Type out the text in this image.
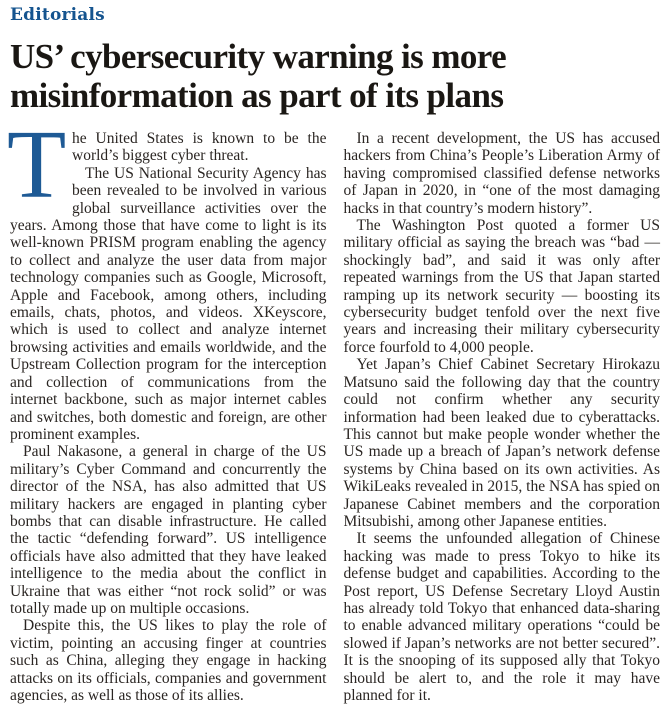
Editorials
US’ cybersecurity warning is more
misinformation as part of its plans
T he United States is known to be the world’s biggest cyber threat.

The US National Security Agency has been revealed to be involved in various global surveillance activities over the years. Among those that have come to light is its well-known PRISM program enabling the agency to collect and analyze the user data from major technology companies such as Google, Microsoft, Apple and Facebook, among others, including emails, chats, photos, and videos. XKeyscore, which is used to collect and analyze internet browsing activities and emails worldwide, and the Upstream Collection program for the interception and collection of communications from the internet backbone, such as major internet cables and switches, both domestic and foreign, are other prominent examples.

Paul Nakasone, a general in charge of the US military’s Cyber Command and concurrently the director of the NSA, has also admitted that US military hackers are engaged in planting cyber bombs that can disable infrastructure. He called the tactic “defending forward”. US intelligence officials have also admitted that they have leaked intelligence to the media about the conflict in Ukraine that was either “not rock solid” or was totally made up on multiple occasions.

Despite this, the US likes to play the role of victim, pointing an accusing finger at countries such as China, alleging they engage in hacking attacks on its officials, companies and government agencies, as well as those of its allies.

In a recent development, the US has accused hackers from China’s People’s Liberation Army of having compromised classified defense networks of Japan in 2020, in “one of the most damaging hacks in that country’s modern history”.

The Washington Post quoted a former US military official as saying the breach was “bad — shockingly bad”, and said it was only after repeated warnings from the US that Japan started ramping up its network security — boosting its cybersecurity budget tenfold over the next five years and increasing their military cybersecurity force fourfold to 4,000 people.

Yet Japan’s Chief Cabinet Secretary Hirokazu Matsuno said the following day that the country could not confirm whether any security information had been leaked due to cyberattacks. This cannot but make people wonder whether the US made up a breach of Japan’s network defense systems by China based on its own activities. As WikiLeaks revealed in 2015, the NSA has spied on Japanese Cabinet members and the corporation Mitsubishi, among other Japanese entities.

It seems the unfounded allegation of Chinese hacking was made to press Tokyo to hike its defense budget and capabilities. According to the Post report, US Defense Secretary Lloyd Austin has already told Tokyo that enhanced data-sharing to enable advanced military operations “could be slowed if Japan’s networks are not better secured”. It is the snooping of its supposed ally that Tokyo should be alert to, and the role it may have planned for it.
